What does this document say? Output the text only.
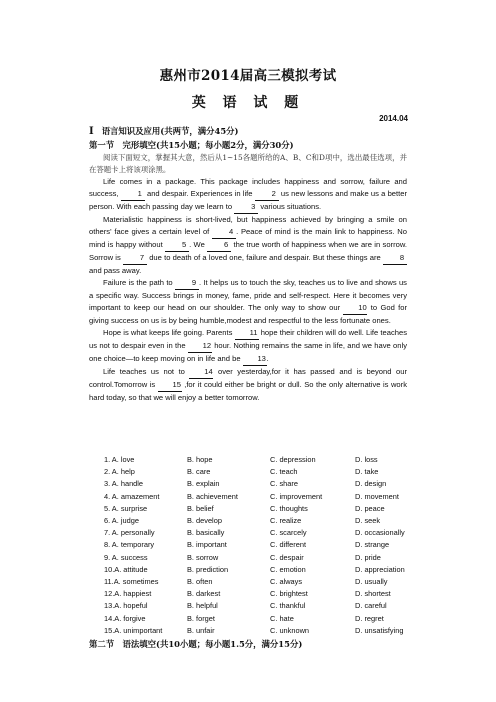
惠州市2014届高三模拟考试
英 语 试 题
2014.04
I 语言知识及应用(共两节，满分45分)
第一节　完形填空(共15小题；每小题2分，满分30分)

阅读下面短文，掌握其大意，然后从1~15各题所给的A、B、C和D项中，选出最佳选项，并在答题卡上将该项涂黑。

Life comes in a package. This package includes happiness and sorrow, failure and success, 1 and despair. Experiences in life 2 us new lessons and make us a better person. With each passing day we learn to 3 various situations.

Materialistic happiness is short-lived, but happiness achieved by bringing a smile on others' face gives a certain level of 4 . Peace of mind is the main link to happiness. No mind is happy without 5 . We 6 the true worth of happiness when we are in sorrow. Sorrow is 7 due to death of a loved one, failure and despair. But these things are 8 and pass away.

Failure is the path to 9 . It helps us to touch the sky, teaches us to live and shows us a specific way. Success brings in money, fame, pride and self-respect. Here it becomes very important to keep our head on our shoulder. The only way to show our 10 to God for giving success on us is by being humble,modest and respectful to the less fortunate ones.

Hope is what keeps life going. Parents 11 hope their children will do well. Life teaches us not to despair even in the 12 hour. Nothing remains the same in life, and we have only one choice—to keep moving on in life and be 13.

Life teaches us not to 14 over yesterday,for it has passed and is beyond our control.Tomorrow is 15 ,for it could either be bright or dull. So the only alternative is work hard today, so that we will enjoy a better tomorrow.

1. A. love	B. hope	C. depression	D. loss
2. A. help	B. care	C. teach	D. take
3. A. handle	B. explain	C. share	D. design
4. A. amazement	B. achievement	C. improvement	D. movement
5. A. surprise	B. belief	C. thoughts	D. peace
6. A. judge	B. develop	C. realize	D. seek
7. A. personally	B. basically	C. scarcely	D. occasionally
8. A. temporary	B. important	C. different	D. strange
9. A. success	B. sorrow	C. despair	D. pride
10.A. attitude	B. prediction	C. emotion	D. appreciation
11.A. sometimes	B. often	C. always	D. usually
12.A. happiest	B. darkest	C. brightest	D. shortest
13.A. hopeful	B. helpful	C. thankful	D. careful
14.A. forgive	B. forget	C. hate	D. regret
15.A. unimportant	B. unfair	C. unknown	D. unsatisfying
第二节　语法填空(共10小题；每小题1.5分，满分15分)
